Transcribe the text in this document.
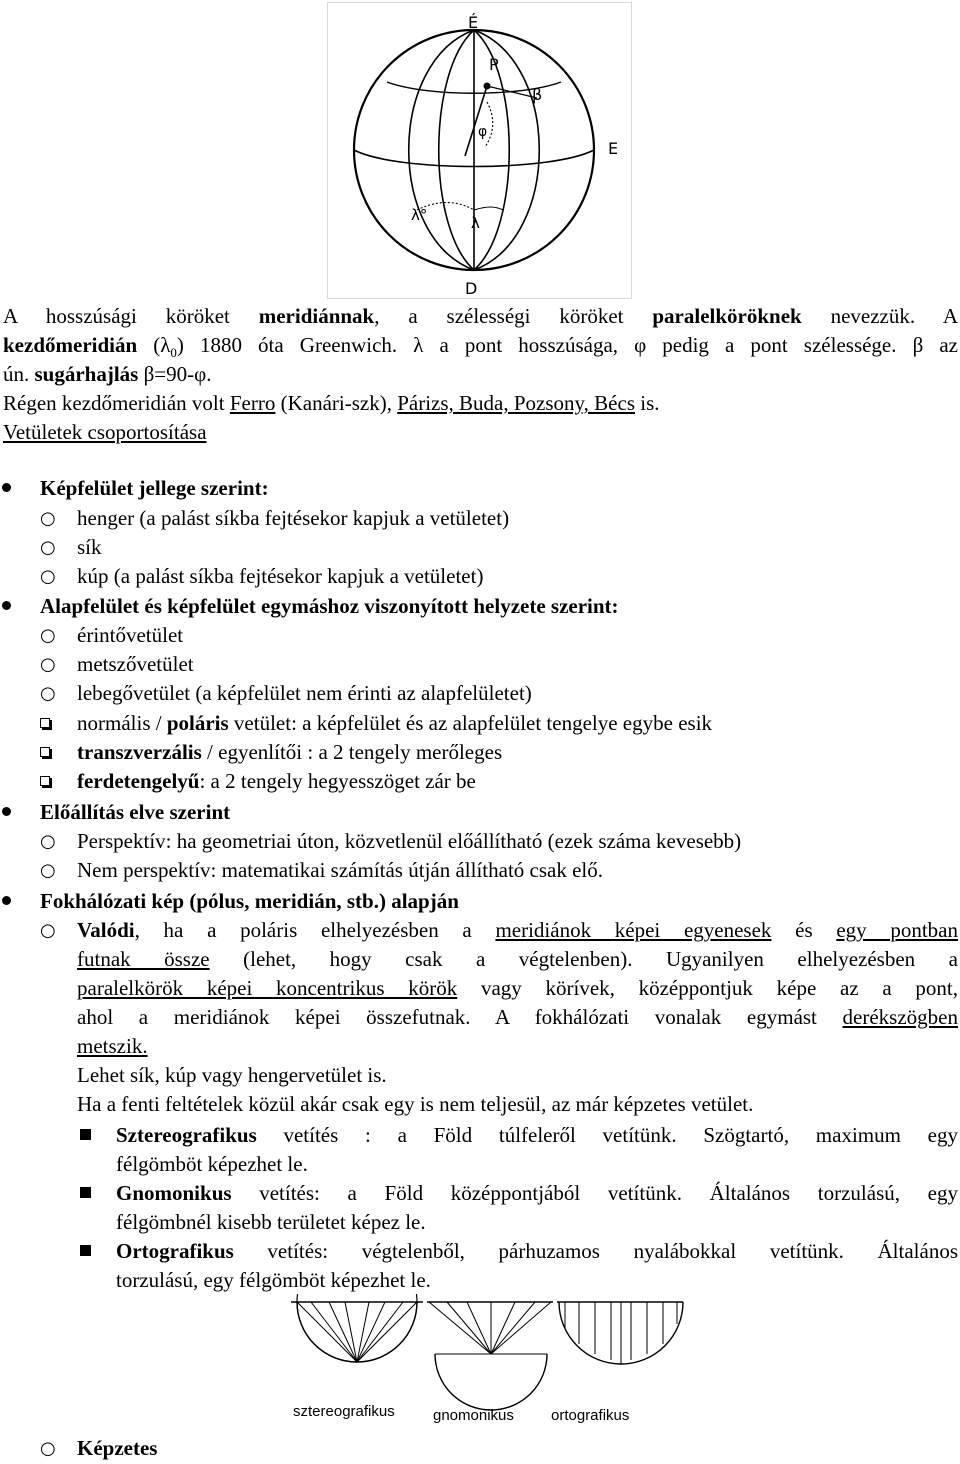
É
D
E
P
β
φ
λ°	λ
A hosszúsági köröket meridiánnak, a szélességi köröket paralelköröknek nevezzük. A
kezdőmeridián $(\lambda_0)$ 1880 óta Greenwich. λ a pont hosszúsága, φ pedig a pont szélessége. β az
ún. sugárhajlás β=90-φ.
Régen kezdőmeridián volt Ferro (Kanári-szk), Párizs, Buda, Pozsony, Bécs is.
Vetületek csoportosítása
Képfelület jellege szerint:
○ henger (a palást síkba fejtésekor kapjuk a vetületet)
○ sík
○ kúp (a palást síkba fejtésekor kapjuk a vetületet)
Alapfelület és képfelület egymáshoz viszonyított helyzete szerint:
○ érintővetület
○ metszővetület
○ lebegővetület (a képfelület nem érinti az alapfelületet)
normális / poláris vetület: a képfelület és az alapfelület tengelye egybe esik
transzverzális / egyenlítői : a 2 tengely merőleges
ferdetengelyű: a 2 tengely hegyesszöget zár be
Előállítás elve szerint
○ Perspektív: ha geometriai úton, közvetlenül előállítható (ezek száma kevesebb)
○ Nem perspektív: matematikai számítás útján állítható csak elő.
Fokhálózati kép (pólus, meridián, stb.) alapján
○ Valódi, ha a poláris elhelyezésben a meridiánok képei egyenesek és egy pontban
futnak össze (lehet, hogy csak a végtelenben). Ugyanilyen elhelyezésben a
paralelkörök képei koncentrikus körök vagy körívek, középpontjuk képe az a pont,
ahol a meridiánok képei összefutnak. A fokhálózati vonalak egymást derékszögben
metszik.
Lehet sík, kúp vagy hengervetület is.
Ha a fenti feltételek közül akár csak egy is nem teljesül, az már képzetes vetület.
Sztereografikus vetítés : a Föld túlfeleről vetítünk. Szögtartó, maximum egy
félgömböt képezhet le.
Gnomonikus vetítés: a Föld középpontjából vetítünk. Általános torzulású, egy
félgömbnél kisebb területet képez le.
Ortografikus vetítés: végtelenből, párhuzamos nyalábokkal vetítünk. Általános
torzulású, egy félgömböt képezhet le.
sztereografikus	gnomonikus ortografikus
○ Képzetes
